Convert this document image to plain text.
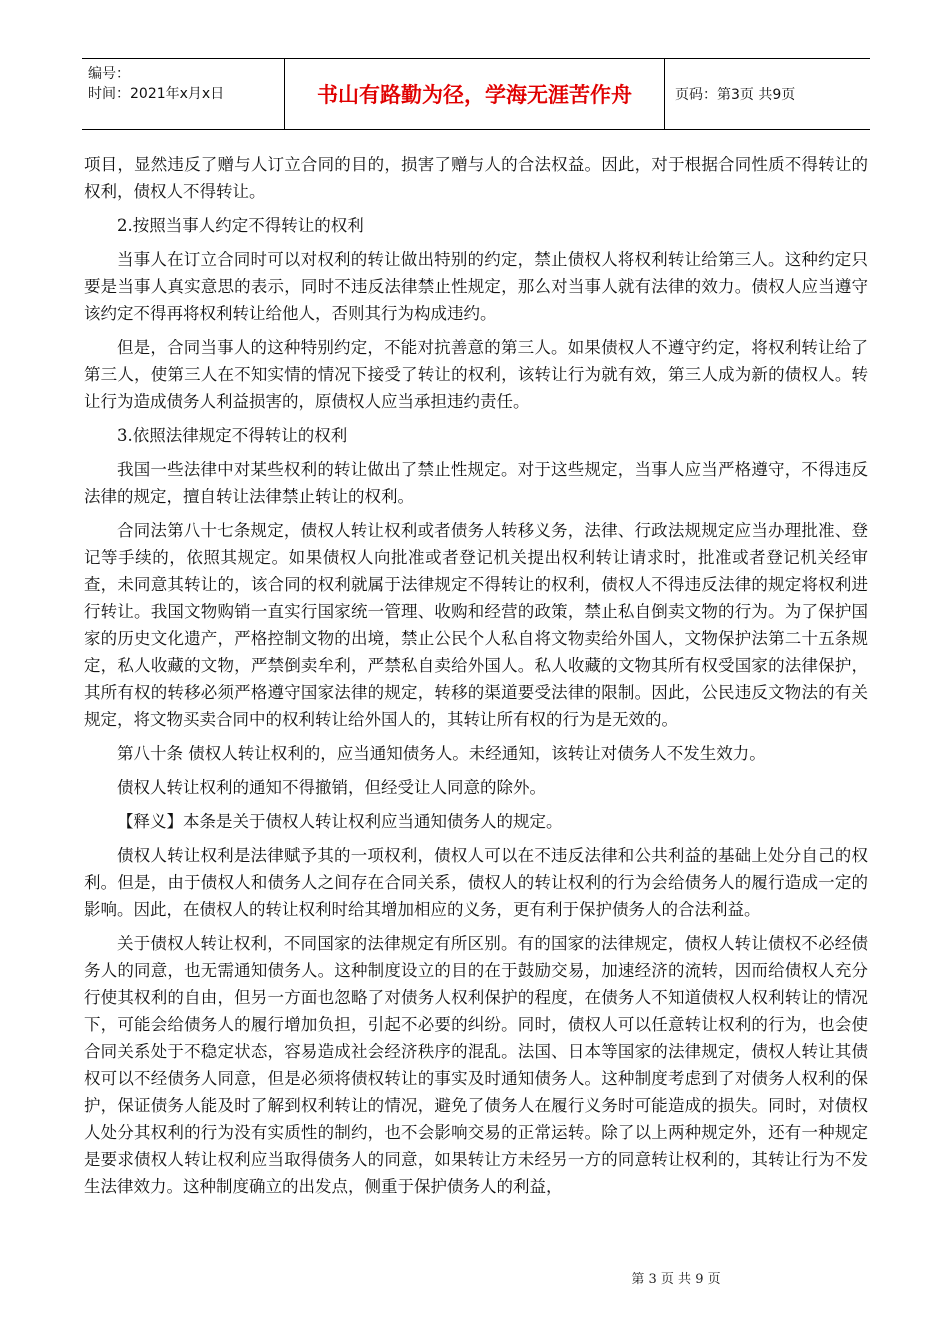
编号：
时间：2021年x月x日	书山有路勤为径，学海无涯苦作舟	页码：第3页 共9页

项目，显然违反了赠与人订立合同的目的，损害了赠与人的合法权益。因此，对于根据合同性质不得转让的权利，债权人不得转让。

2.按照当事人约定不得转让的权利

当事人在订立合同时可以对权利的转让做出特别的约定，禁止债权人将权利转让给第三人。这种约定只要是当事人真实意思的表示，同时不违反法律禁止性规定，那么对当事人就有法律的效力。债权人应当遵守该约定不得再将权利转让给他人，否则其行为构成违约。

但是，合同当事人的这种特别约定，不能对抗善意的第三人。如果债权人不遵守约定，将权利转让给了第三人，使第三人在不知实情的情况下接受了转让的权利，该转让行为就有效，第三人成为新的债权人。转让行为造成债务人利益损害的，原债权人应当承担违约责任。

3.依照法律规定不得转让的权利

我国一些法律中对某些权利的转让做出了禁止性规定。对于这些规定，当事人应当严格遵守，不得违反法律的规定，擅自转让法律禁止转让的权利。

合同法第八十七条规定，债权人转让权利或者债务人转移义务，法律、行政法规规定应当办理批准、登记等手续的，依照其规定。如果债权人向批准或者登记机关提出权利转让请求时，批准或者登记机关经审查，未同意其转让的，该合同的权利就属于法律规定不得转让的权利，债权人不得违反法律的规定将权利进行转让。我国文物购销一直实行国家统一管理、收购和经营的政策，禁止私自倒卖文物的行为。为了保护国家的历史文化遗产，严格控制文物的出境，禁止公民个人私自将文物卖给外国人，文物保护法第二十五条规定，私人收藏的文物，严禁倒卖牟利，严禁私自卖给外国人。私人收藏的文物其所有权受国家的法律保护，其所有权的转移必须严格遵守国家法律的规定，转移的渠道要受法律的限制。因此，公民违反文物法的有关规定，将文物买卖合同中的权利转让给外国人的，其转让所有权的行为是无效的。

第八十条 债权人转让权利的，应当通知债务人。未经通知，该转让对债务人不发生效力。

债权人转让权利的通知不得撤销，但经受让人同意的除外。

【释义】本条是关于债权人转让权利应当通知债务人的规定。

债权人转让权利是法律赋予其的一项权利，债权人可以在不违反法律和公共利益的基础上处分自己的权利。但是，由于债权人和债务人之间存在合同关系，债权人的转让权利的行为会给债务人的履行造成一定的影响。因此，在债权人的转让权利时给其增加相应的义务，更有利于保护债务人的合法利益。

关于债权人转让权利，不同国家的法律规定有所区别。有的国家的法律规定，债权人转让债权不必经债务人的同意，也无需通知债务人。这种制度设立的目的在于鼓励交易，加速经济的流转，因而给债权人充分行使其权利的自由，但另一方面也忽略了对债务人权利保护的程度，在债务人不知道债权人权利转让的情况下，可能会给债务人的履行增加负担，引起不必要的纠纷。同时，债权人可以任意转让权利的行为，也会使合同关系处于不稳定状态，容易造成社会经济秩序的混乱。法国、日本等国家的法律规定，债权人转让其债权可以不经债务人同意，但是必须将债权转让的事实及时通知债务人。这种制度考虑到了对债务人权利的保护，保证债务人能及时了解到权利转让的情况，避免了债务人在履行义务时可能造成的损失。同时，对债权人处分其权利的行为没有实质性的制约，也不会影响交易的正常运转。除了以上两种规定外，还有一种规定是要求债权人转让权利应当取得债务人的同意，如果转让方未经另一方的同意转让权利的，其转让行为不发生法律效力。这种制度确立的出发点，侧重于保护债务人的利益，

第 3 页 共 9 页
